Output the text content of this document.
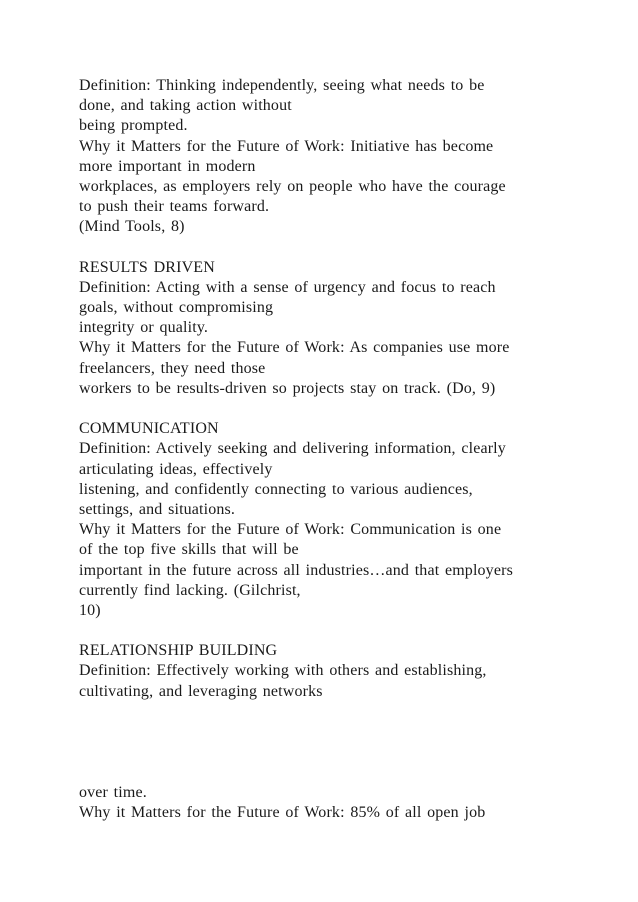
Definition: Thinking independently, seeing what needs to be
done, and taking action without
being prompted.
Why it Matters for the Future of Work: Initiative has become
more important in modern
workplaces, as employers rely on people who have the courage
to push their teams forward.
(Mind Tools, 8)
RESULTS DRIVEN
Definition: Acting with a sense of urgency and focus to reach
goals, without compromising
integrity or quality.
Why it Matters for the Future of Work: As companies use more
freelancers, they need those
workers to be results-driven so projects stay on track. (Do, 9)
COMMUNICATION
Definition: Actively seeking and delivering information, clearly
articulating ideas, effectively
listening, and confidently connecting to various audiences,
settings, and situations.
Why it Matters for the Future of Work: Communication is one
of the top five skills that will be
important in the future across all industries…and that employers
currently find lacking. (Gilchrist,
10)
RELATIONSHIP BUILDING
Definition: Effectively working with others and establishing,
cultivating, and leveraging networks
over time.
Why it Matters for the Future of Work: 85% of all open job
